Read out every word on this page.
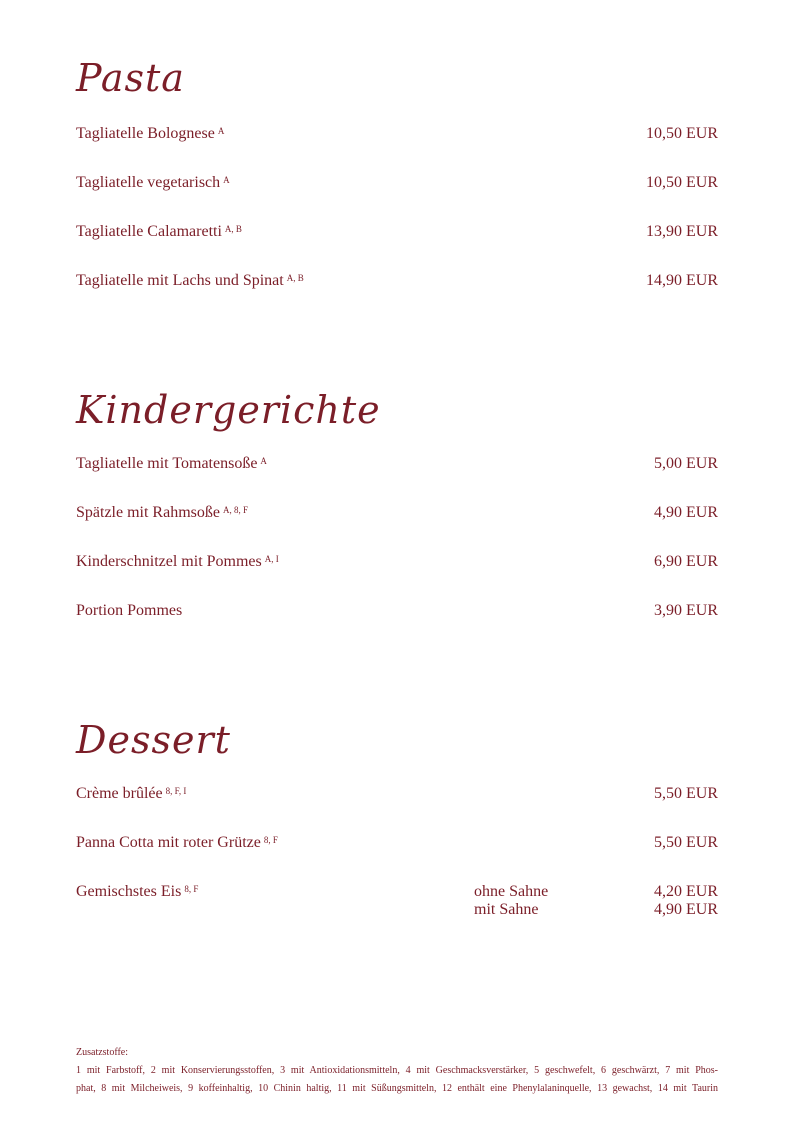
Pasta
Tagliatelle Bolognese $^A$	10,50 EUR
Tagliatelle vegetarisch $^A$	10,50 EUR
Tagliatelle Calamaretti $^{A, B}$	13,90 EUR
Tagliatelle mit Lachs und Spinat $^{A, B}$	14,90 EUR
Kindergerichte
Tagliatelle mit Tomatensoße $^A$	5,00 EUR
Spätzle mit Rahmsoße $^{A, 8, F}$	4,90 EUR
Kinderschnitzel mit Pommes $^{A, I}$	6,90 EUR
Portion Pommes	3,90 EUR
Dessert
Crème brûlée $^{8, F, I}$	5,50 EUR
Panna Cotta mit roter Grütze $^{8, F}$	5,50 EUR
Gemischstes Eis $^{8, F}$	ohne Sahne	4,20 EUR
mit Sahne	4,90 EUR
Zusatzstoffe:

1 mit Farbstoff, 2 mit Konservierungsstoffen, 3 mit Antioxidationsmitteln, 4 mit Geschmacksverstärker, 5 geschwefelt, 6 geschwärzt, 7 mit Phos-

phat, 8 mit Milcheiweis, 9 koffeinhaltig, 10 Chinin haltig, 11 mit Süßungsmitteln, 12 enthält eine Phenylalaninquelle, 13 gewachst, 14 mit Taurin
